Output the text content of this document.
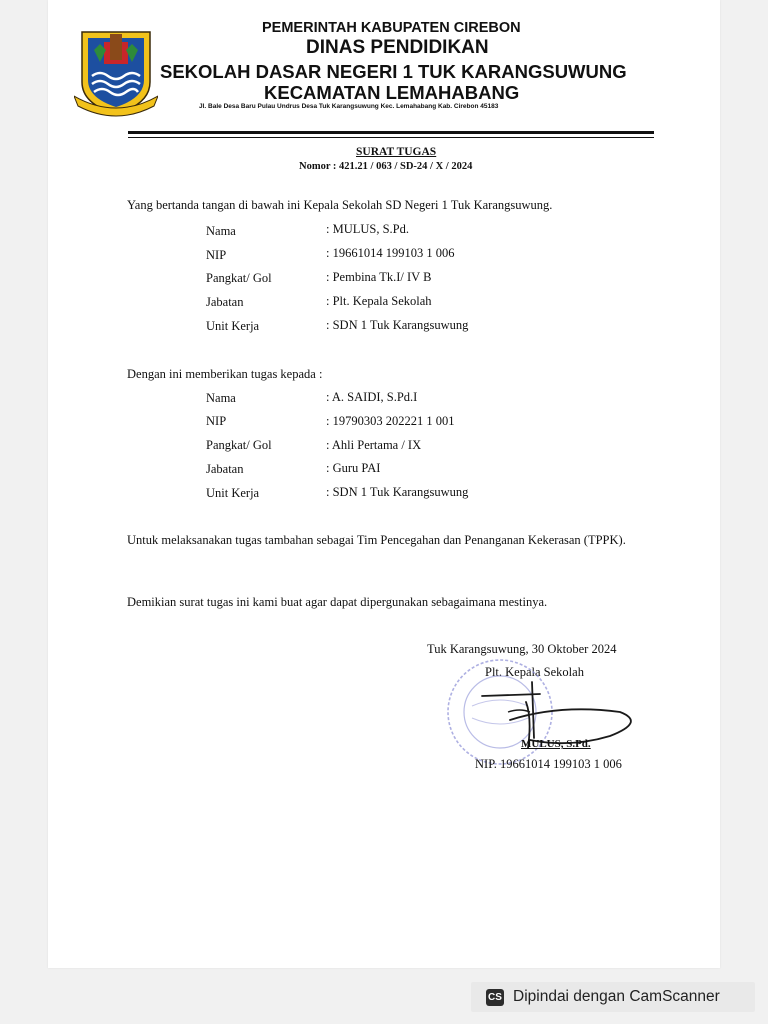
PEMERINTAH KABUPATEN CIREBON
DINAS PENDIDIKAN
SEKOLAH DASAR NEGERI 1 TUK KARANGSUWUNG
KECAMATAN LEMAHABANG
Jl. Bale Desa Baru Pulau Undrus Desa Tuk Karangsuwung Kec. Lemahabang Kab. Cirebon 45183
SURAT TUGAS
Nomor : 421.21 / 063 / SD-24 / X / 2024
Yang bertanda tangan di bawah ini Kepala Sekolah SD Negeri 1 Tuk Karangsuwung.
Nama	: MULUS, S.Pd.
NIP	: 19661014 199103 1 006
Pangkat/ Gol	: Pembina Tk.I/ IV B
Jabatan	: Plt. Kepala Sekolah
Unit Kerja	: SDN 1 Tuk Karangsuwung
Dengan ini memberikan tugas kepada :
Nama	: A. SAIDI, S.Pd.I
NIP	: 19790303 202221 1 001
Pangkat/ Gol	: Ahli Pertama / IX
Jabatan	: Guru PAI
Unit Kerja	: SDN 1 Tuk Karangsuwung
Untuk melaksanakan tugas tambahan sebagai Tim Pencegahan dan Penanganan Kekerasan (TPPK).
Demikian surat tugas ini kami buat agar dapat dipergunakan sebagaimana mestinya.
Tuk Karangsuwung, 30 Oktober 2024
Plt. Kepala Sekolah
MULUS, S.Pd.
NIP. 19661014 199103 1 006
CS Dipindai dengan CamScanner
